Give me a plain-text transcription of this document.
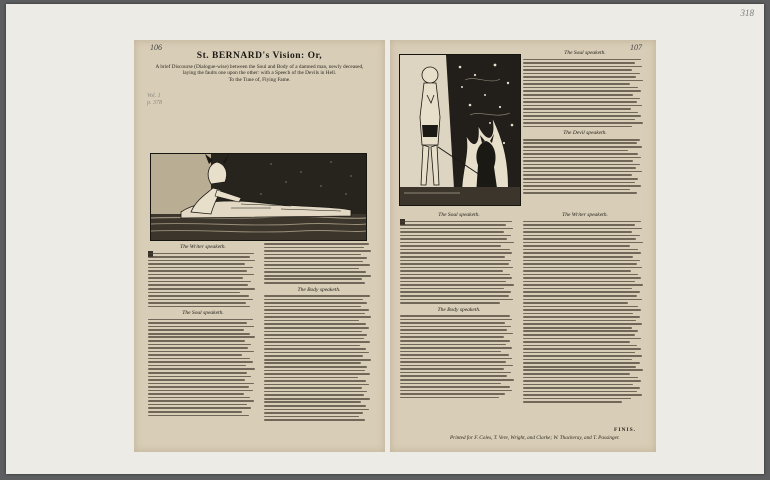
318
106
St. BERNARD's Vision: Or,
A brief Discourse (Dialogue-wise) between the Soul and Body of a damned man, newly deceased,
laying the faults one upon the other: with a Speech of the Devils in Hell.
To the Tune of, Flying Fame.
Vol. 1
p. 378
The Writer speaketh.
The Soul speaketh.
The Body speaketh.
107
The Soul speaketh.
The Devil speaketh.
The Soul speaketh.
The Body speaketh.
The Writer speaketh.
FINIS.
Printed for F. Coles, T. Vere, Wright, and Clarke; W. Thackeray, and T. Passinger.
